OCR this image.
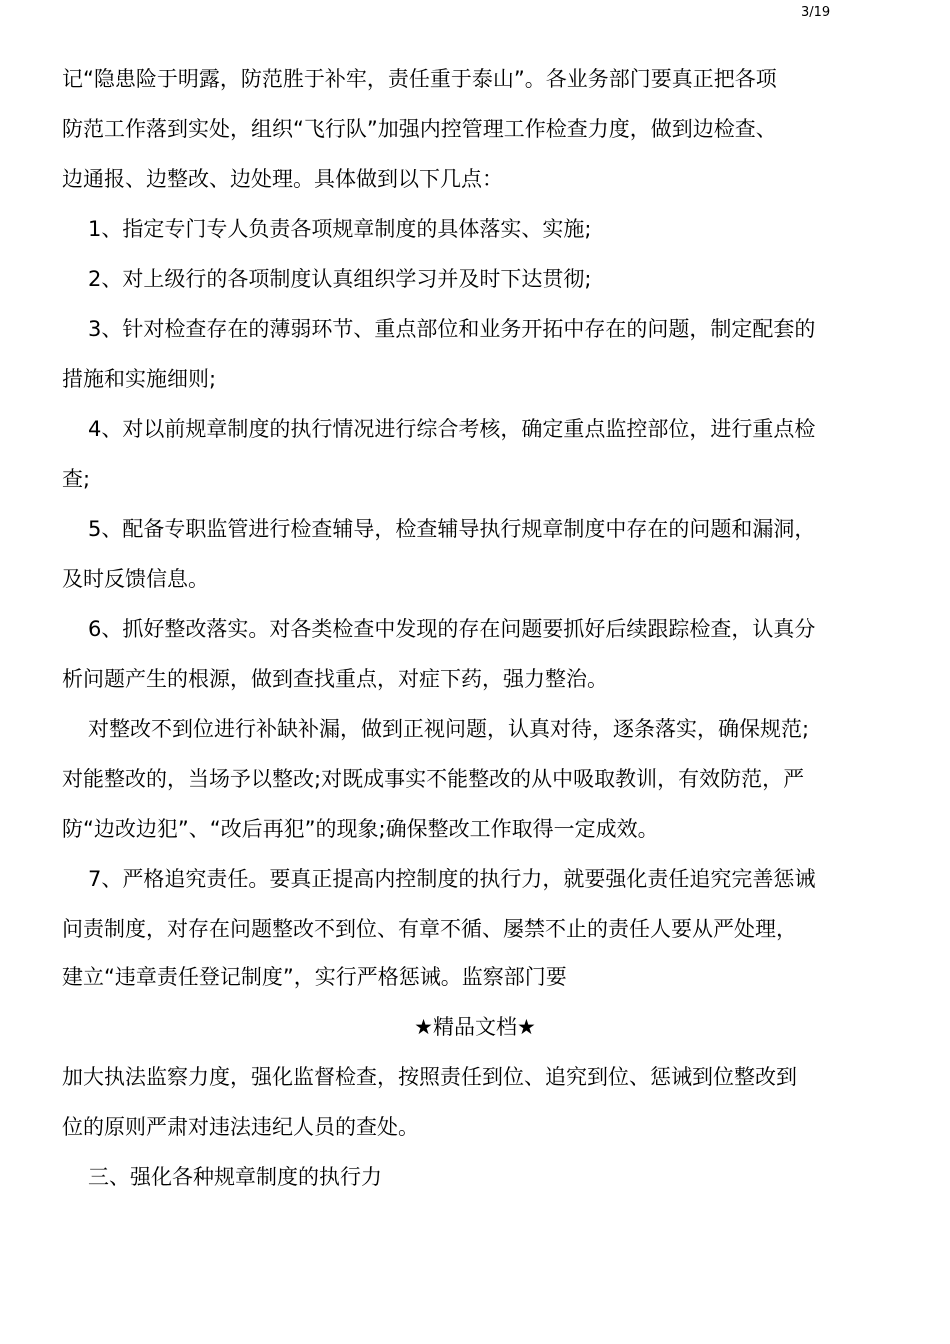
3/19
记“隐患险于明露，防范胜于补牢，责任重于泰山”。各业务部门要真正把各项
防范工作落到实处，组织“飞行队”加强内控管理工作检查力度，做到边检查、
边通报、边整改、边处理。具体做到以下几点：
1、指定专门专人负责各项规章制度的具体落实、实施;
2、对上级行的各项制度认真组织学习并及时下达贯彻;
3、针对检查存在的薄弱环节、重点部位和业务开拓中存在的问题，制定配套的
措施和实施细则;
4、对以前规章制度的执行情况进行综合考核，确定重点监控部位，进行重点检
查;
5、配备专职监管进行检查辅导，检查辅导执行规章制度中存在的问题和漏洞，
及时反馈信息。
6、抓好整改落实。对各类检查中发现的存在问题要抓好后续跟踪检查，认真分
析问题产生的根源，做到查找重点，对症下药，强力整治。
对整改不到位进行补缺补漏，做到正视问题，认真对待，逐条落实，确保规范;
对能整改的，当场予以整改;对既成事实不能整改的从中吸取教训，有效防范，严
防“边改边犯”、“改后再犯”的现象;确保整改工作取得一定成效。
7、严格追究责任。要真正提高内控制度的执行力，就要强化责任追究完善惩诫
问责制度，对存在问题整改不到位、有章不循、屡禁不止的责任人要从严处理，
建立“违章责任登记制度”，实行严格惩诫。监察部门要
★精品文档★
加大执法监察力度，强化监督检查，按照责任到位、追究到位、惩诫到位整改到
位的原则严肃对违法违纪人员的查处。
三、强化各种规章制度的执行力
